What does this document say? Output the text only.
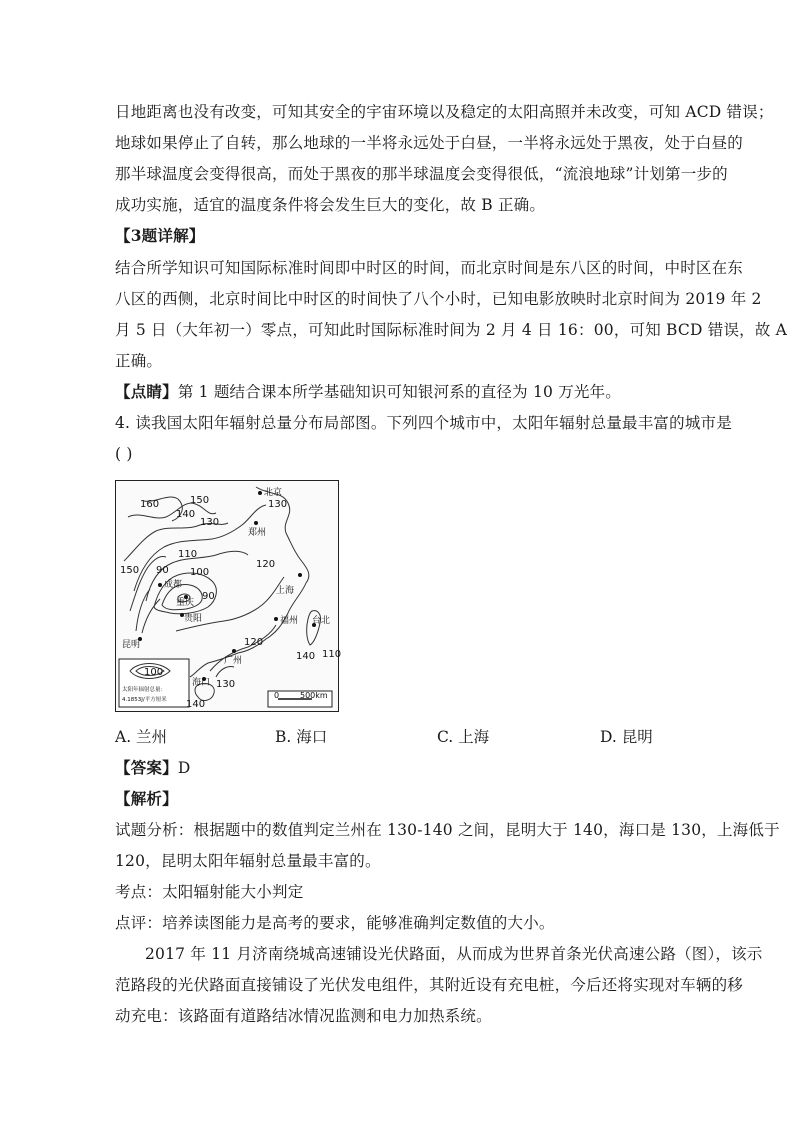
日地距离也没有改变，可知其安全的宇宙环境以及稳定的太阳高照并未改变，可知 ACD 错误；
地球如果停止了自转，那么地球的一半将永远处于白昼，一半将永远处于黑夜，处于白昼的
那半球温度会变得很高，而处于黑夜的那半球温度会变得很低，“流浪地球”计划第一步的
成功实施，适宜的温度条件将会发生巨大的变化，故 B 正确。
【3题详解】
结合所学知识可知国际标准时间即中时区的时间，而北京时间是东八区的时间，中时区在东
八区的西侧，北京时间比中时区的时间快了八个小时，已知电影放映时北京时间为 2019 年 2
月 5 日（大年初一）零点，可知此时国际标准时间为 2 月 4 日 16：00，可知 BCD 错误，故 A
正确。
【点睛】第 1 题结合课本所学基础知识可知银河系的直径为 10 万光年。
4. 读我国太阳年辐射总量分布局部图。下列四个城市中，太阳年辐射总量最丰富的城市是
( )
北京
郑州
成都
重庆
贵阳
上海
福州 台北
广州
昆明
海口
160	150
140
130
110
100
90
90
120
120
150
140 110
140
130
100
130
太阳年辐射总量：
4.1853J/平方厘米	0	500km
A. 兰州	B. 海口	C. 上海	D. 昆明
【答案】D
【解析】
试题分析：根据题中的数值判定兰州在 130-140 之间，昆明大于 140，海口是 130，上海低于
120，昆明太阳年辐射总量最丰富的。
考点：太阳辐射能大小判定
点评：培养读图能力是高考的要求，能够准确判定数值的大小。
2017 年 11 月济南绕城高速铺设光伏路面，从而成为世界首条光伏高速公路（图），该示
范路段的光伏路面直接铺设了光伏发电组件，其附近设有充电桩，今后还将实现对车辆的移
动充电：该路面有道路结冰情况监测和电力加热系统。
